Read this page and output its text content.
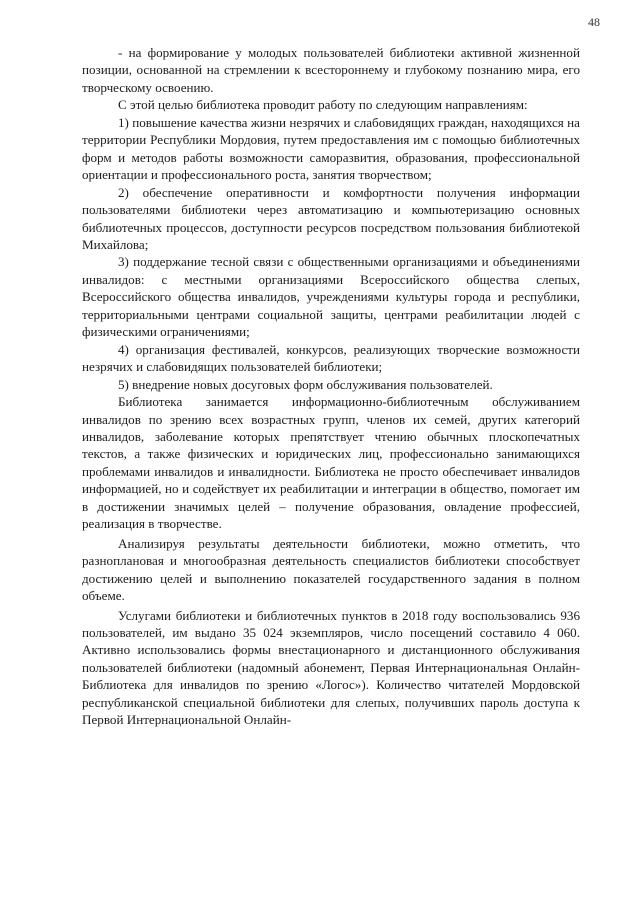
48

- на формирование у молодых пользователей библиотеки активной жизненной позиции, основанной на стремлении к всестороннему и глубокому познанию мира, его творческому освоению.

С этой целью библиотека проводит работу по следующим направлениям:

1) повышение качества жизни незрячих и слабовидящих граждан, находящихся на территории Республики Мордовия, путем предоставления им с помощью библиотечных форм и методов работы возможности саморазвития, образования, профессиональной ориентации и профессионального роста, занятия творчеством;

2) обеспечение оперативности и комфортности получения информации пользователями библиотеки через автоматизацию и компьютеризацию основных библиотечных процессов, доступности ресурсов посредством пользования библиотекой Михайлова;

3) поддержание тесной связи с общественными организациями и объединениями инвалидов: с местными организациями Всероссийского общества слепых, Всероссийского общества инвалидов, учреждениями культуры города и республики, территориальными центрами социальной защиты, центрами реабилитации людей с физическими ограничениями;

4) организация фестивалей, конкурсов, реализующих творческие возможности незрячих и слабовидящих пользователей библиотеки;

5) внедрение новых досуговых форм обслуживания пользователей.

Библиотека занимается информационно-библиотечным обслуживанием инвалидов по зрению всех возрастных групп, членов их семей, других категорий инвалидов, заболевание которых препятствует чтению обычных плоскопечатных текстов, а также физических и юридических лиц, профессионально занимающихся проблемами инвалидов и инвалидности. Библиотека не просто обеспечивает инвалидов информацией, но и содействует их реабилитации и интеграции в общество, помогает им в достижении значимых целей – получение образования, овладение профессией, реализация в творчестве.

Анализируя результаты деятельности библиотеки, можно отметить, что разноплановая и многообразная деятельность специалистов библиотеки способствует достижению целей и выполнению показателей государственного задания в полном объеме.

Услугами библиотеки и библиотечных пунктов в 2018 году воспользовались 936 пользователей, им выдано 35 024 экземпляров, число посещений составило 4 060. Активно использовались формы внестационарного и дистанционного обслуживания пользователей библиотеки (надомный абонемент, Первая Интернациональная Онлайн-Библиотека для инвалидов по зрению «Логос»). Количество читателей Мордовской республиканской специальной библиотеки для слепых, получивших пароль доступа к Первой Интернациональной Онлайн-
